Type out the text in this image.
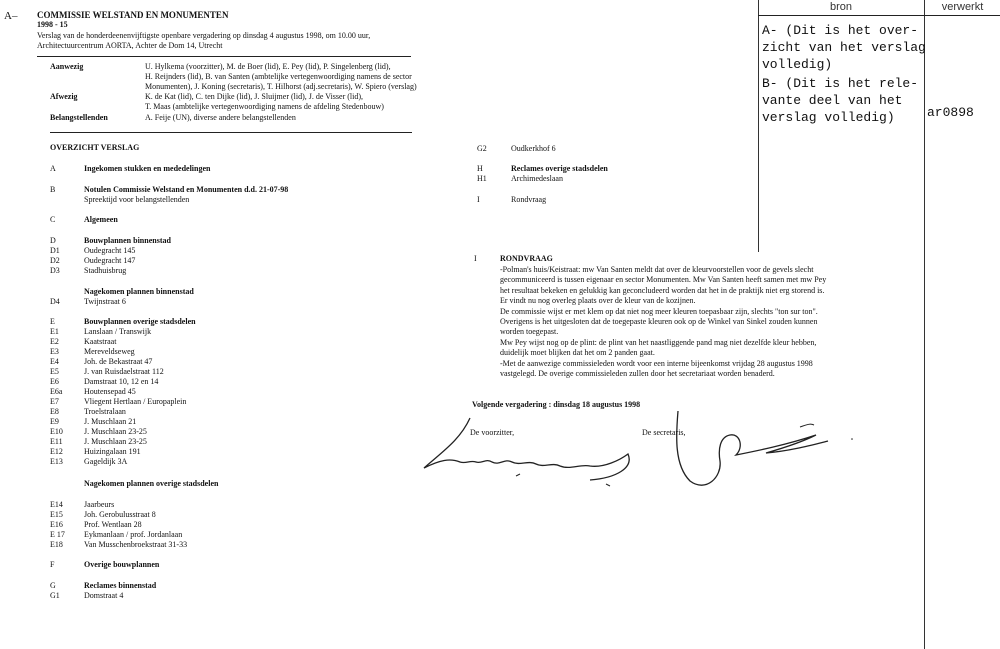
bron	verwerkt
A- (Dit is het over-
zicht van het verslag
volledig)
B- (Dit is het rele-
vante deel van het
verslag volledig)	ar0898
A– COMMISSIE WELSTAND EN MONUMENTEN
1998 - 15
Verslag van de honderdeenenvijftigste openbare vergadering op dinsdag 4 augustus 1998, om 10.00 uur,
Architectuurcentrum AORTA, Achter de Dom 14, Utrecht
Aanwezig	U. Hylkema (voorzitter), M. de Boer (lid), E. Pey (lid), P. Singelenberg (lid),
H. Reijnders (lid), B. van Santen (ambtelijke vertegenwoordiging namens de sector
Monumenten), J. Koning (secretaris), T. Hilhorst (adj.secretaris), W. Spiero (verslag)
Afwezig	K. de Kat (lid), C. ten Dijke (lid), J. Sluijmer (lid), J. de Visser (lid),
T. Maas (ambtelijke vertegenwoordiging namens de afdeling Stedenbouw)
Belangstellenden	A. Feije (UN), diverse andere belangstellenden
OVERZICHT VERSLAG
A	Ingekomen stukken en mededelingen
B	Notulen Commissie Welstand en Monumenten d.d. 21-07-98
Spreektijd voor belangstellenden
C	Algemeen
D	Bouwplannen binnenstad
D1	Oudegracht 145
D2	Oudegracht 147
D3	Stadhuisbrug
Nagekomen plannen binnenstad
D4	Twijnstraat 6
E	Bouwplannen overige stadsdelen
E1	Lanslaan / Transwijk
E2	Kaatstraat
E3	Mereveldseweg
E4	Joh. de Bekastraat 47
E5	J. van Ruisdaelstraat 112
E6	Damstraat 10, 12 en 14
E6a	Houtensepad 45
E7	Vliegent Hertlaan / Europaplein
E8	Troelstralaan
E9	J. Muschlaan 21
E10	J. Muschlaan 23-25
E11	J. Muschlaan 23-25
E12	Huizingalaan 191
E13	Gageldijk 3A
Nagekomen plannen overige stadsdelen
E14	Jaarbeurs
E15	Joh. Gerobulusstraat 8
E16	Prof. Wentlaan 28
E 17 Eykmanlaan / prof. Jordanlaan
E18	Van Musschenbroekstraat 31-33
F	Overige bouwplannen
G	Reclames binnenstad
G1	Domstraat 4
G2	Oudkerkhof 6
H	Reclames overige stadsdelen
H1	Archimedeslaan
I	Rondvraag
I	RONDVRAAG
-Polman's huis/Keistraat: mw Van Santen meldt dat over de kleurvoorstellen voor de gevels slecht
gecommuniceerd is tussen eigenaar en sector Monumenten. Mw Van Santen heeft samen met mw Pey
het resultaat bekeken en gelukkig kan geconcludeerd worden dat het in de praktijk niet erg storend is.
Er vindt nu nog overleg plaats over de kleur van de kozijnen.
De commissie wijst er met klem op dat niet nog meer kleuren toepasbaar zijn, slechts "ton sur ton".
Overigens is het uitgesloten dat de toegepaste kleuren ook op de Winkel van Sinkel zouden kunnen
worden toegepast.
Mw Pey wijst nog op de plint: de plint van het naastliggende pand mag niet dezelfde kleur hebben,
duidelijk moet blijken dat het om 2 panden gaat.
-Met de aanwezige commissieleden wordt voor een interne bijeenkomst vrijdag 28 augustus 1998
vastgelegd. De overige commissieleden zullen door het secretariaat worden benaderd.
Volgende vergadering : dinsdag 18 augustus 1998
De voorzitter,	De secretaris,
